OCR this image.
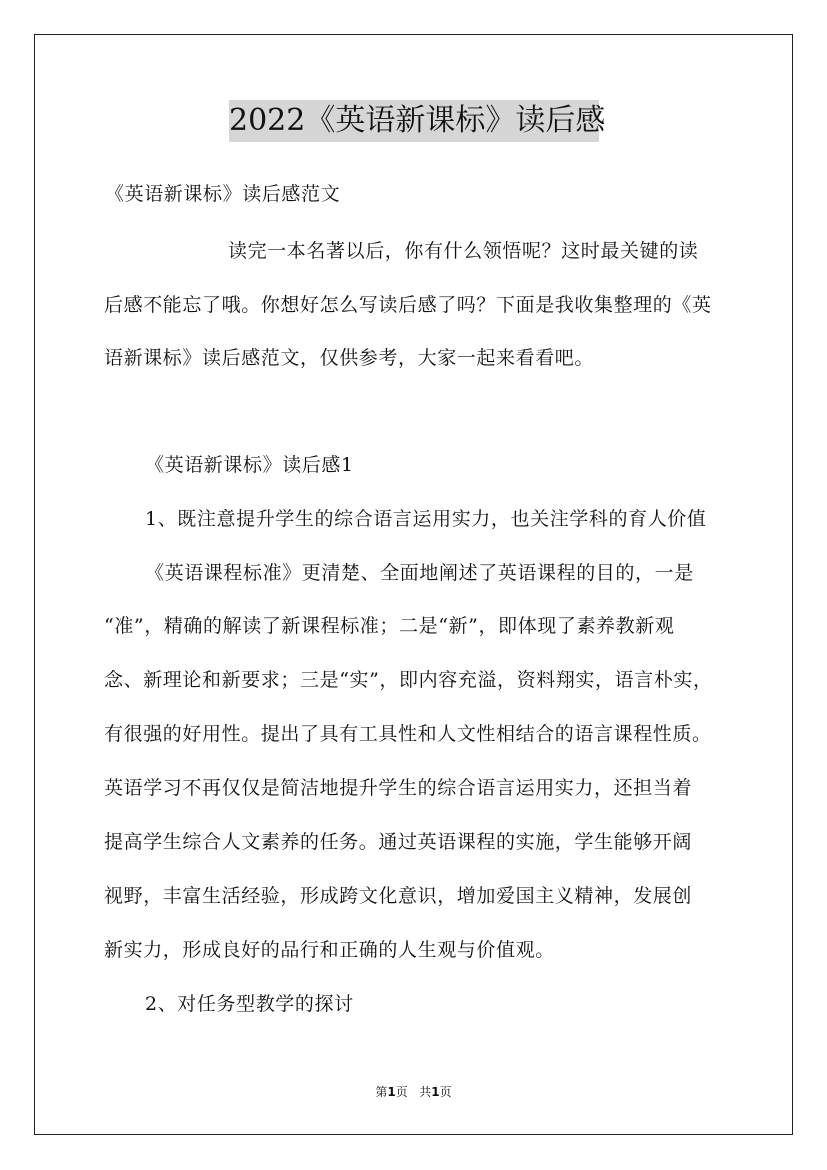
2022《英语新课标》读后感
《英语新课标》读后感范文
读完一本名著以后，你有什么领悟呢？这时最关键的读
后感不能忘了哦。你想好怎么写读后感了吗？下面是我收集整理的《英
语新课标》读后感范文，仅供参考，大家一起来看看吧。
《英语新课标》读后感1
1、既注意提升学生的综合语言运用实力，也关注学科的育人价值
《英语课程标准》更清楚、全面地阐述了英语课程的目的，一是
“准”，精确的解读了新课程标准；二是“新”，即体现了素养教新观
念、新理论和新要求；三是“实”，即内容充溢，资料翔实，语言朴实，
有很强的好用性。提出了具有工具性和人文性相结合的语言课程性质。
英语学习不再仅仅是简洁地提升学生的综合语言运用实力，还担当着
提高学生综合人文素养的任务。通过英语课程的实施，学生能够开阔
视野，丰富生活经验，形成跨文化意识，增加爱国主义精神，发展创
新实力，形成良好的品行和正确的人生观与价值观。
2、对任务型教学的探讨
第1页   共1页
